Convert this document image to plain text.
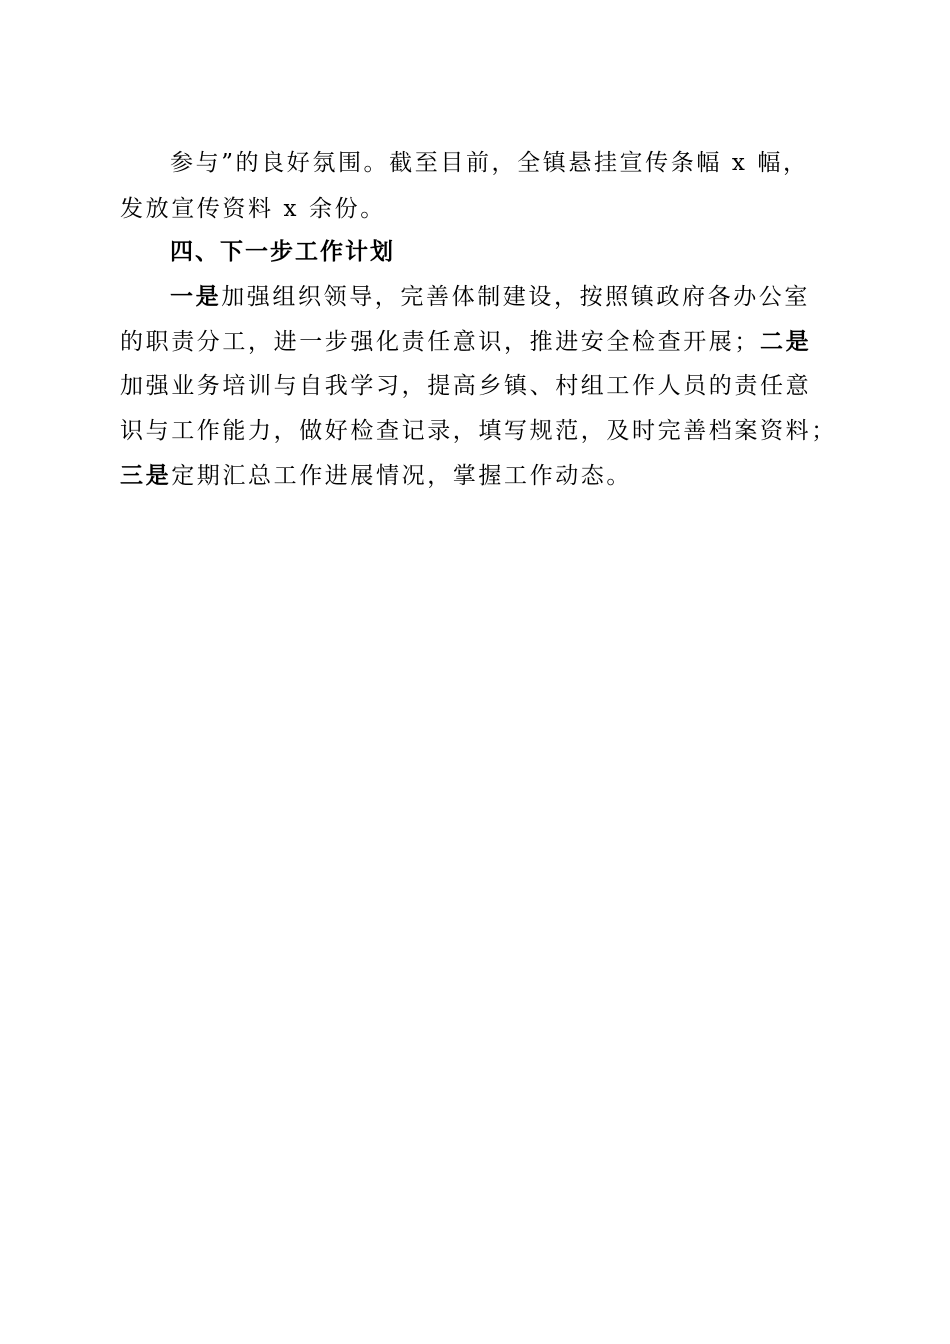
参与”的良好氛围。截至目前，全镇悬挂宣传条幅 x 幅，
发放宣传资料 x 余份。
四、下一步工作计划
一是加强组织领导，完善体制建设，按照镇政府各办公室
的职责分工，进一步强化责任意识，推进安全检查开展；二是
加强业务培训与自我学习，提高乡镇、村组工作人员的责任意
识与工作能力，做好检查记录，填写规范，及时完善档案资料；
三是定期汇总工作进展情况，掌握工作动态。
